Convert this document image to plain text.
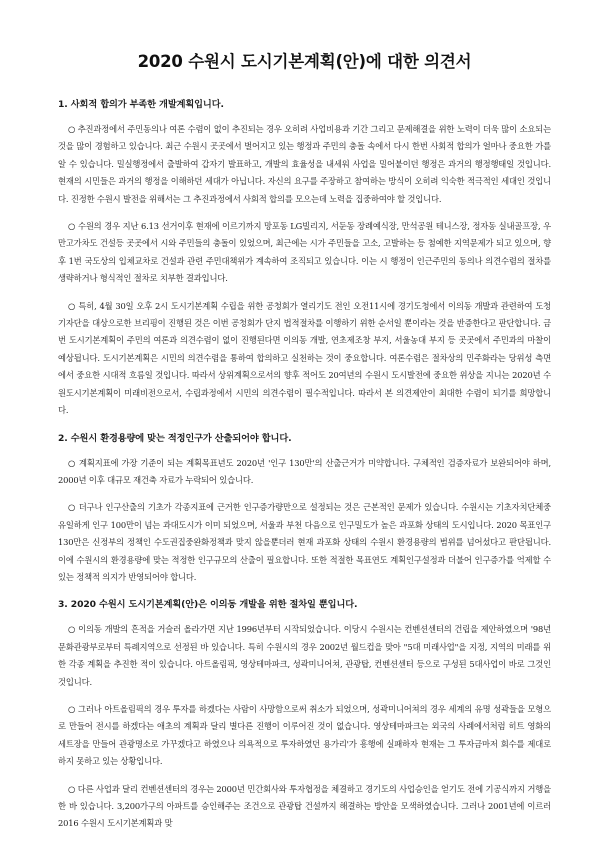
2020 수원시 도시기본계획(안)에 대한 의견서
1. 사회적 합의가 부족한 개발계획입니다.

○ 추진과정에서 주민동의나 여론 수렴이 없이 추진되는 경우 오히려 사업비용과 기간 그리고 문제해결을 위한 노력이 더욱 많이 소요되는 것을 많이 경험하고 있습니다. 최근 수원시 곳곳에서 벌어지고 있는 행정과 주민의 충돌 속에서 다시 한번 사회적 합의가 얼마나 중요한 가를 알 수 있습니다. 밀실행정에서 출발하여 갑자기 발표하고, 개발의 효율성을 내세워 사업을 밀어붙이던 행정은 과거의 행정행태일 것입니다. 현재의 시민들은 과거의 행정을 이해하던 세대가 아닙니다. 자신의 요구를 주장하고 참여하는 방식이 오히려 익숙한 적극적인 세대인 것입니다. 진정한 수원시 발전을 위해서는 그 추진과정에서 사회적 합의를 모으는데 노력을 집중하여야 할 것입니다.

○ 수원의 경우 지난 6.13 선거이후 현재에 이르기까지 망포동 LG빌리지, 서둔동 장례예식장, 만석공원 테니스장, 정자동 실내골프장, 우만고가차도 건설등 곳곳에서 시와 주민들의 충돌이 있었으며, 최근에는 시가 주민들을 고소, 고발하는 등 첨예한 지역문제가 되고 있으며, 향후 1번 국도상의 입체교차로 건설과 관련 주민대책위가 계속하여 조직되고 있습니다. 이는 시 행정이 인근주민의 동의나 의견수렴의 절차를 생략하거나 형식적인 절차로 치부한 결과입니다.

○ 특히, 4월 30일 오후 2시 도시기본계획 수립을 위한 공청회가 열리기도 전인 오전11시에 경기도청에서 이의동 개발과 관련하여 도청 기자단을 대상으로한 브리핑이 진행된 것은 이번 공청회가 단지 법적절차를 이행하기 위한 순서일 뿐이라는 것을 반증한다고 판단합니다. 금번 도시기본계획이 주민의 여론과 의견수렴이 없이 진행된다면 이의동 개발, 연초제조창 부지, 서울농대 부지 등 곳곳에서 주민과의 마찰이 예상됩니다. 도시기본계획은 시민의 의견수렴을 통하여 합의하고 실천하는 것이 중요합니다. 여론수렴은 절차상의 민주화라는 당위성 측면에서 중요한 시대적 흐름일 것입니다. 따라서 상위계획으로서의 향후 적어도 20여년의 수원시 도시발전에 중요한 위상을 지니는 2020년 수원도시기본계획이 미래비전으로서, 수립과정에서 시민의 의견수렴이 필수적입니다. 따라서 본 의견제안이 최대한 수렴이 되기를 희망합니다.

2. 수원시 환경용량에 맞는 적정인구가 산출되어야 합니다.

○ 계획지표에 가장 기준이 되는 계획목표년도 2020년 '인구 130만'의 산출근거가 미약합니다. 구체적인 검증자료가 보완되어야 하며, 2000년 이후 대규모 재건축 자료가 누락되어 있습니다.

○ 더구나 인구산출의 기초가 각종지표에 근거한 인구증가량만으로 설정되는 것은 근본적인 문제가 있습니다. 수원시는 기초자치단체중 유일하게 인구 100만이 넘는 과대도시가 이미 되었으며, 서울과 부천 다음으로 인구밀도가 높은 과포화 상태의 도시입니다. 2020 목표인구 130만은 신정부의 정책인 수도권집중완화정책과 맞지 않을뿐더러 현재 과포화 상태의 수원시 환경용량의 범위를 넘어섰다고 판단됩니다. 이에 수원시의 환경용량에 맞는 적정한 인구규모의 산출이 필요합니다. 또한 적절한 목표연도 계획인구설정과 더불어 인구증가를 억제할 수 있는 정책적 의지가 반영되어야 합니다.

3. 2020 수원시 도시기본계획(안)은 이의동 개발을 위한 절차일 뿐입니다.

○ 이의동 개발의 흔적을 거슬러 올라가면 지난 1996년부터 시작되었습니다. 이당시 수원시는 컨벤션센터의 건립을 제안하였으며 '98년 문화관광부로부터 특례지역으로 선정된 바 있습니다. 특히 수원시의 경우 2002년 월드컵을 맞아 "5대 미래사업"을 지정, 지역의 미래를 위한 각종 계획을 추진한 적이 있습니다. 아트올림픽, 영상테마파크, 성곽미니어쳐, 관광탑, 컨벤션센터 등으로 구성된 5대사업이 바로 그것인 것입니다.

○ 그러나 아트올림픽의 경우 투자를 하겠다는 사람이 사망함으로써 취소가 되었으며, 성곽미니어쳐의 경우 세계의 유명 성곽들을 모형으로 만들어 전시를 하겠다는 애초의 계획과 달리 별다른 진행이 이루어진 것이 없습니다. 영상테마파크는 외국의 사례에서처럼 히트 영화의 세트장을 만들어 관광명소로 가꾸겠다고 하였으나 의욕적으로 투자하였던 용가리'가 흥행에 실패하자 현재는 그 투자금마저 회수를 제대로 하지 못하고 있는 상황입니다.

○ 다른 사업과 달리 컨벤션센터의 경우는 2000년 민간회사와 투자협정을 체결하고 경기도의 사업승인을 얻기도 전에 기공식까지 거행을 한 바 있습니다. 3,200가구의 아파트를 승인해주는 조건으로 관광탑 건설까지 해결하는 방안을 모색하였습니다. 그러나 2001년에 이르러 2016 수원시 도시기본계획과 맞
